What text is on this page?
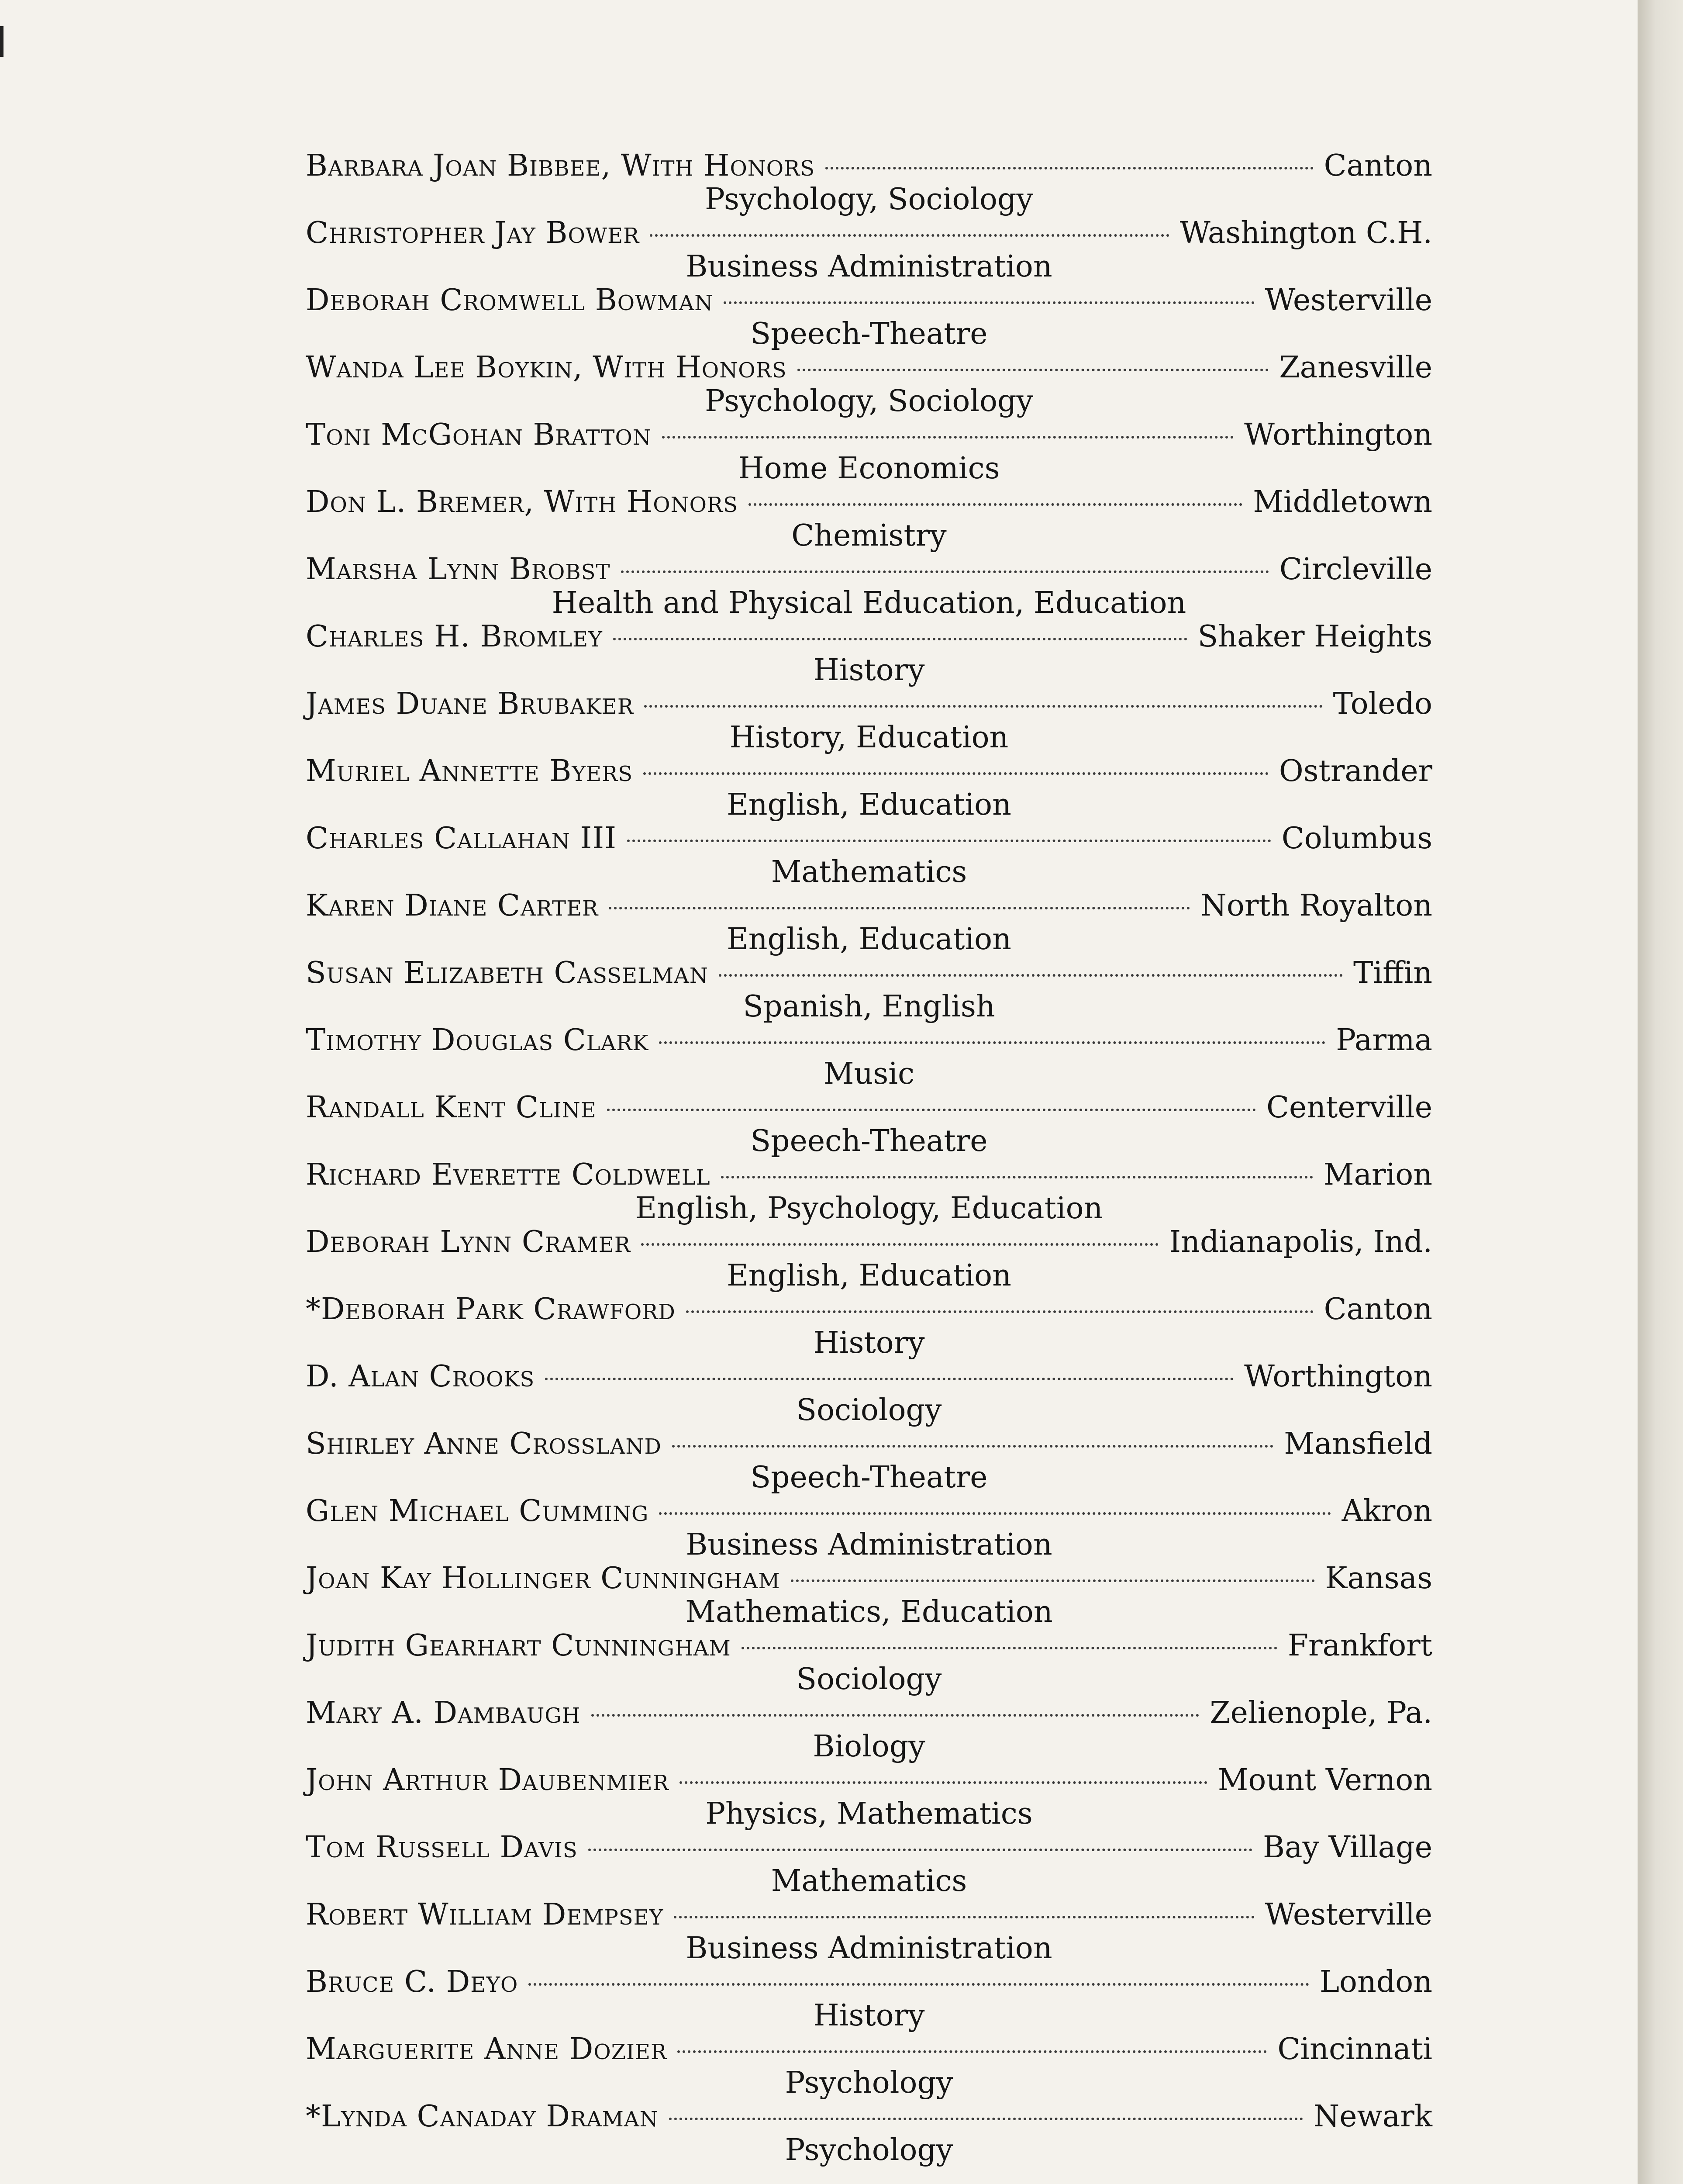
Barbara Joan Bibbee, With Honors	Canton
Psychology, Sociology
Christopher Jay Bower	Washington C.H.
Business Administration
Deborah Cromwell Bowman	Westerville
Speech-Theatre
Wanda Lee Boykin, With Honors	Zanesville
Psychology, Sociology
Toni McGohan Bratton	Worthington
Home Economics
Don L. Bremer, With Honors	Middletown
Chemistry
Marsha Lynn Brobst	Circleville
Health and Physical Education, Education
Charles H. Bromley	Shaker Heights
History
James Duane Brubaker	Toledo
History, Education
Muriel Annette Byers	Ostrander
English, Education
Charles Callahan III	Columbus
Mathematics
Karen Diane Carter	North Royalton
English, Education
Susan Elizabeth Casselman	Tiffin
Spanish, English
Timothy Douglas Clark	Parma
Music
Randall Kent Cline	Centerville
Speech-Theatre
Richard Everette Coldwell	Marion
English, Psychology, Education
Deborah Lynn Cramer	Indianapolis, Ind.
English, Education
*Deborah Park Crawford	Canton
History
D. Alan Crooks	Worthington
Sociology
Shirley Anne Crossland	Mansfield
Speech-Theatre
Glen Michael Cumming	Akron
Business Administration
Joan Kay Hollinger Cunningham	Kansas
Mathematics, Education
Judith Gearhart Cunningham	Frankfort
Sociology
Mary A. Dambaugh	Zelienople, Pa.
Biology
John Arthur Daubenmier	Mount Vernon
Physics, Mathematics
Tom Russell Davis	Bay Village
Mathematics
Robert William Dempsey	Westerville
Business Administration
Bruce C. Deyo	London
History
Marguerite Anne Dozier	Cincinnati
Psychology
*Lynda Canaday Draman	Newark
Psychology
